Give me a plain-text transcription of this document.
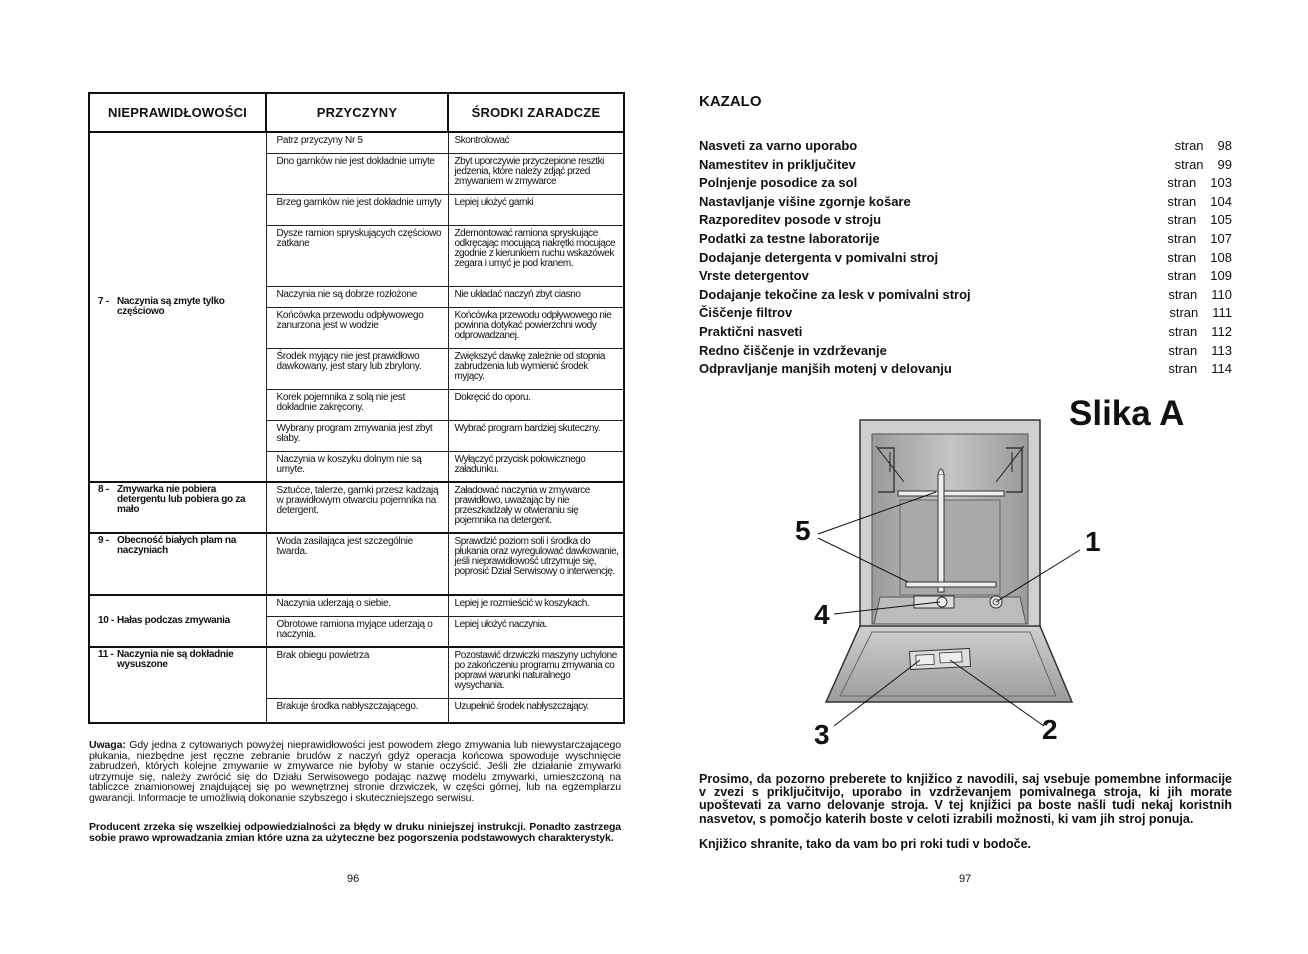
NIEPRAWIDŁOWOŚCI	PRZYCZYNY	ŚRODKI ZARADCZE
7 - Naczynia są zmyte tylko częściowo	Patrz przyczyny Nr 5	Skontrolować
	Dno garnków nie jest dokładnie umyte	Zbyt uporczywie przyczepione resztki jedzenia, które należy zdjąć przed zmywaniem w zmywarce
	Brzeg garnków nie jest dokładnie umyty	Lepiej ułożyć garnki
	Dysze ramion spryskujących częściowo zatkane	Zdemontować ramiona spryskujące odkręcając mocującą nakrętki mocujące zgodnie z kierunkiem ruchu wskazówek zegara i umyć je pod kranem.
	Naczynia nie są dobrze rozłożone	Nie układać naczyń zbyt ciasno
	Końcówka przewodu odpływowego zanurzona jest w wodzie	Końcówka przewodu odpływowego nie powinna dotykać powierzchni wody odprowadzanej.
	Środek myjący nie jest prawidłowo dawkowany, jest stary lub zbrylony.	Zwiększyć dawkę zależnie od stopnia zabrudzenia lub wymienić środek myjący.
	Korek pojemnika z solą nie jest dokładnie zakręcony.	Dokręcić do oporu.
	Wybrany program zmywania jest zbyt słaby.	Wybrać program bardziej skuteczny.
	Naczynia w koszyku dolnym nie są umyte.	Wyłączyć przycisk połowicznego załadunku.
8 - Zmywarka nie pobiera detergentu lub pobiera go za mało	Sztućce, talerze, garnki przesz kadzają w prawidłowym otwarciu pojemnika na detergent.	Załadować naczynia w zmywarce prawidłowo, uważając by nie przeszkadzały w otwieraniu się pojemnika na detergent.
9 - Obecność białych plam na naczyniach	Woda zasilająca jest szczególnie twarda.	Sprawdzić poziom soli i środka do płukania oraz wyregulować dawkowanie, jeśli nieprawidłowość utrzymuje się, poprosić Dział Serwisowy o interwencję.
10 - Hałas podczas zmywania	Naczynia uderzają o siebie.	Lepiej je rozmieścić w koszykach.
	Obrotowe ramiona myjące uderzają o naczynia.	Lepiej ułożyć naczynia.
11 - Naczynia nie są dokładnie wysuszone	Brak obiegu powietrza	Pozostawić drzwiczki maszyny uchylone po zakończeniu programu zmywania co poprawi warunki naturalnego wysychania.
	Brakuje środka nabłyszczającego.	Uzupełnić środek nabłyszczający.

Uwaga: Gdy jedna z cytowanych powyżej nieprawidłowości jest powodem złego zmywania lub niewystarczającego płukania, niezbędne jest ręczne zebranie brudów z naczyń gdyż operacja końcowa spowoduje wyschnięcie zabrudzeń, których kolejne zmywanie w zmywarce nie byłoby w stanie oczyścić. Jeśli złe działanie zmywarki utrzymuje się, należy zwrócić się do Działu Serwisowego podając nazwę modelu zmywarki, umieszczoną na tabliczce znamionowej znajdującej się po wewnętrznej stronie drzwiczek, w części górnej, lub na egzemplarzu gwarancji. Informacje te umożliwią dokonanie szybszego i skuteczniejszego serwisu.

Producent zrzeka się wszelkiej odpowiedzialności za błędy w druku niniejszej instrukcji. Ponadto zastrzega sobie prawo wprowadzania zmian które uzna za użyteczne bez pogorszenia podstawowych charakterystyk.

96
KAZALO
Nasveti za varno uporabo	stran 98
Namestitev in priključitev	stran 99
Polnjenje posodice za sol	stran 103
Nastavljanje višine zgornje košare	stran 104
Razporeditev posode v stroju	stran 105
Podatki za testne laboratorije	stran 107
Dodajanje detergenta v pomivalni stroj	stran 108
Vrste detergentov	stran 109
Dodajanje tekočine za lesk v pomivalni stroj	stran 110
Čiščenje filtrov	stran 111
Praktični nasveti	stran 112
Redno čiščenje in vzdrževanje	stran 113
Odpravljanje manjših motenj v delovanju	stran 114
Slika A
1
2
3
4
5

Prosimo, da pozorno preberete to knjižico z navodili, saj vsebuje pomembne informacije v zvezi s priključitvijo, uporabo in vzdrževanjem pomivalnega stroja, ki jih morate upoštevati za varno delovanje stroja. V tej knjižici pa boste našli tudi nekaj koristnih nasvetov, s pomočjo katerih boste v celoti izrabili možnosti, ki vam jih stroj ponuja.

Knjižico shranite, tako da vam bo pri roki tudi v bodoče.

97
